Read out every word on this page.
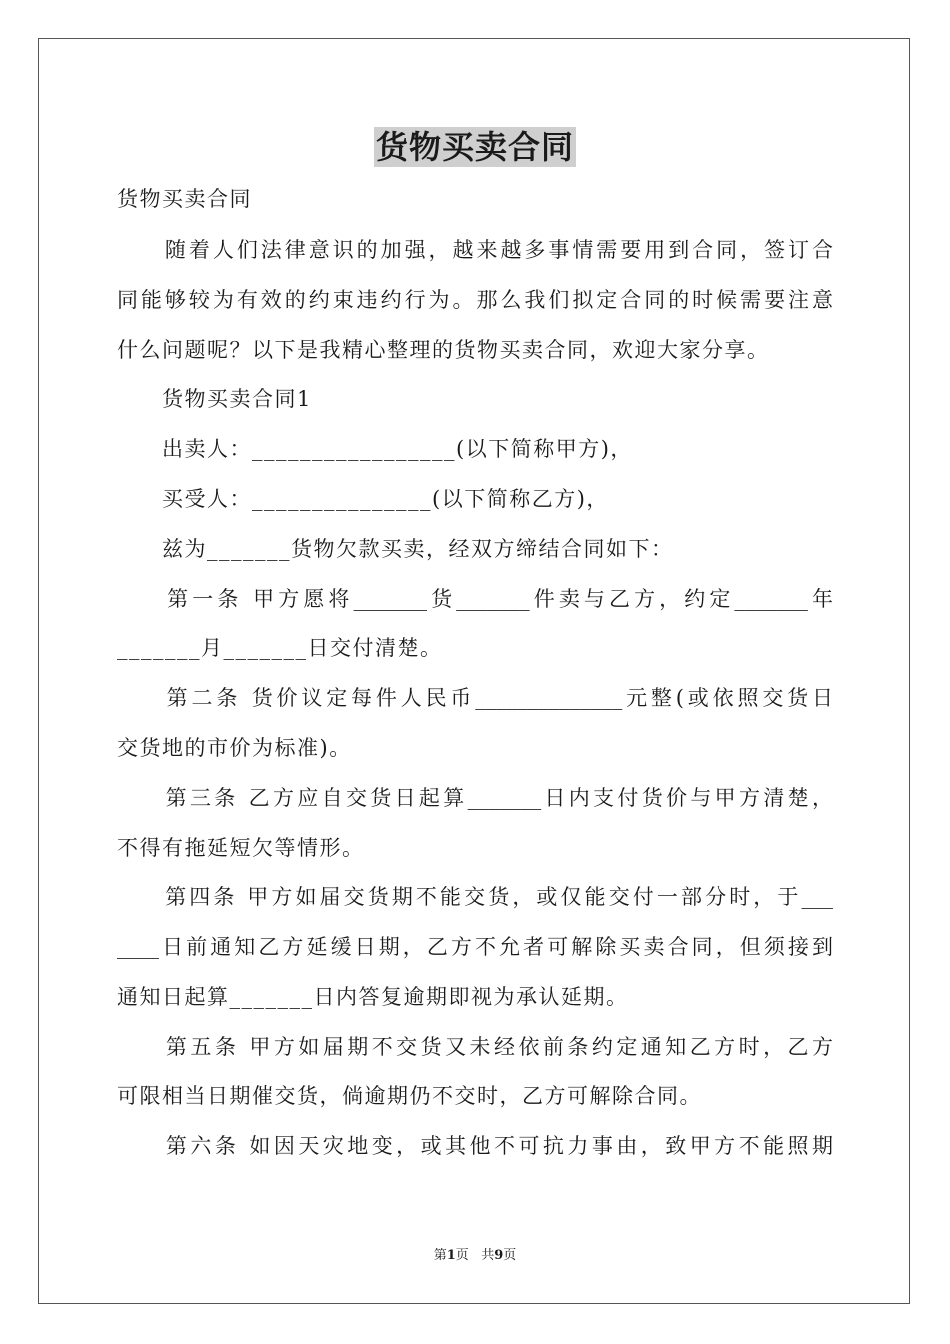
货物买卖合同
货物买卖合同
　　随着人们法律意识的加强，越来越多事情需要用到合同，签订合
同能够较为有效的约束违约行为。那么我们拟定合同的时候需要注意
什么问题呢？以下是我精心整理的货物买卖合同，欢迎大家分享。
　　货物买卖合同1
　　出卖人：_________________(以下简称甲方)，
　　买受人：_______________(以下简称乙方)，
　　兹为_______货物欠款买卖，经双方缔结合同如下：
　　第一条 甲方愿将_______货_______件卖与乙方，约定_______年
_______月_______日交付清楚。
　　第二条 货价议定每件人民币______________元整(或依照交货日
交货地的市价为标准)。
　　第三条 乙方应自交货日起算_______日内支付货价与甲方清楚，
不得有拖延短欠等情形。
　　第四条 甲方如届交货期不能交货，或仅能交付一部分时，于___
____日前通知乙方延缓日期，乙方不允者可解除买卖合同，但须接到
通知日起算_______日内答复逾期即视为承认延期。
　　第五条 甲方如届期不交货又未经依前条约定通知乙方时，乙方
可限相当日期催交货，倘逾期仍不交时，乙方可解除合同。
　　第六条 如因天灾地变，或其他不可抗力事由，致甲方不能照期
第1页 共9页
